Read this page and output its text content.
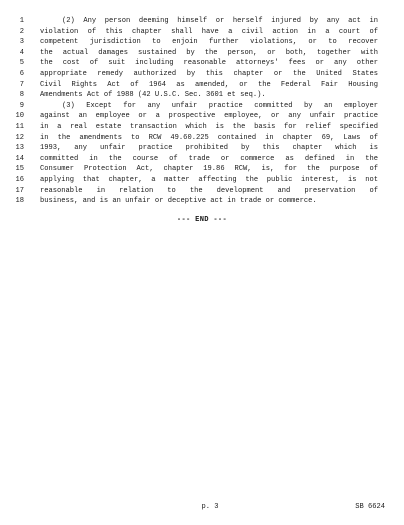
1	(2) Any person deeming himself or herself injured by any act in
2 violation of this chapter shall have a civil action in a court of
3 competent jurisdiction to enjoin further violations, or to recover
4 the actual damages sustained by the person, or both, together with
5 the cost of suit including reasonable attorneys' fees or any other
6 appropriate remedy authorized by this chapter or the United States
7 Civil Rights Act of 1964 as amended, or the Federal Fair Housing
8 Amendments Act of 1988 (42 U.S.C. Sec. 3601 et seq.).
9	(3) Except for any unfair practice committed by an employer
10 against an employee or a prospective employee, or any unfair practice
11 in a real estate transaction which is the basis for relief specified
12 in the amendments to RCW 49.60.225 contained in chapter 69, Laws of
13 1993, any unfair practice prohibited by this chapter which is
14 committed in the course of trade or commerce as defined in the
15 Consumer Protection Act, chapter 19.86 RCW, is, for the purpose of
16 applying that chapter, a matter affecting the public interest, is not
17 reasonable in relation to the development and preservation of
18 business, and is an unfair or deceptive act in trade or commerce.
--- END ---
p. 3	SB 6624
